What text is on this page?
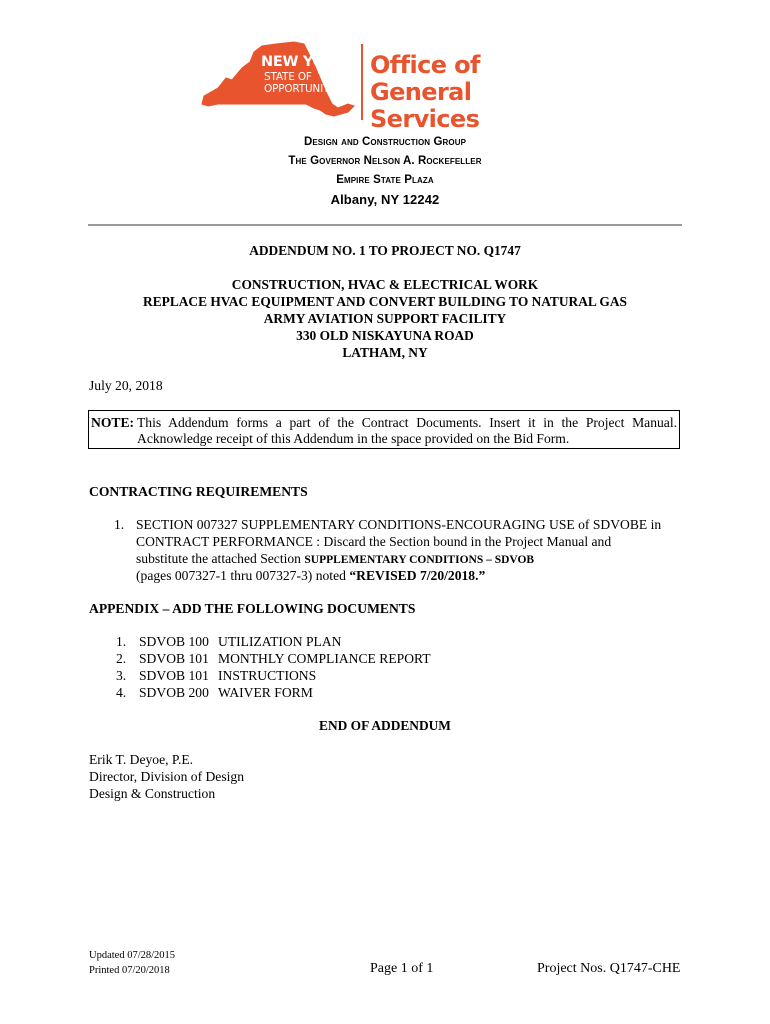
NEW YORK
STATE OF
OPPORTUNITY.
Office of
General Services
Design and Construction Group
The Governor Nelson A. Rockefeller
Empire State Plaza
Albany, NY 12242
ADDENDUM NO. 1 TO PROJECT NO. Q1747
CONSTRUCTION, HVAC & ELECTRICAL WORK
REPLACE HVAC EQUIPMENT AND CONVERT BUILDING TO NATURAL GAS
ARMY AVIATION SUPPORT FACILITY
330 OLD NISKAYUNA ROAD
LATHAM, NY
July 20, 2018
NOTE: This Addendum forms a part of the Contract Documents. Insert it in the Project Manual.
Acknowledge receipt of this Addendum in the space provided on the Bid Form.
CONTRACTING REQUIREMENTS
1. SECTION 007327 SUPPLEMENTARY CONDITIONS-ENCOURAGING USE of SDVOBE in
CONTRACT PERFORMANCE : Discard the Section bound in the Project Manual and
substitute the attached Section SUPPLEMENTARY CONDITIONS – SDVOB
(pages 007327-1 thru 007327-3) noted “REVISED 7/20/2018.”
APPENDIX – ADD THE FOLLOWING DOCUMENTS
1. SDVOB 100 UTILIZATION PLAN
2. SDVOB 101 MONTHLY COMPLIANCE REPORT
3. SDVOB 101 INSTRUCTIONS
4. SDVOB 200 WAIVER FORM
END OF ADDENDUM
Erik T. Deyoe, P.E.
Director, Division of Design
Design & Construction
Updated 07/28/2015
Printed 07/20/2018	Page 1 of 1	Project Nos. Q1747-CHE
